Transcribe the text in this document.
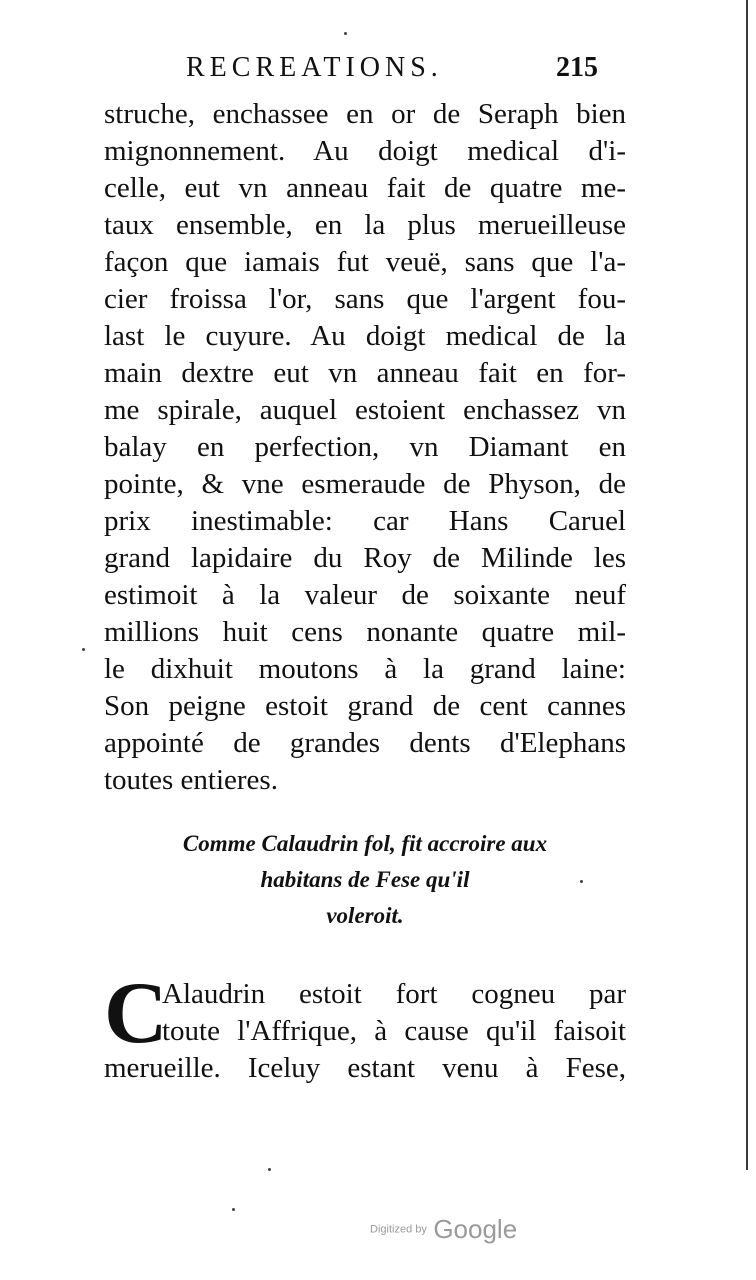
RECREATIONS.	215
struche, enchassee en or de Seraph bien
mignonnement. Au doigt medical d'i-
celle, eut vn anneau fait de quatre me-
taux ensemble, en la plus merueilleuse
façon que iamais fut veuë, sans que l'a-
cier froissa l'or, sans que l'argent fou-
last le cuyure. Au doigt medical de la
main dextre eut vn anneau fait en for-
me spirale, auquel estoient enchassez vn
balay en perfection, vn Diamant en
pointe, & vne esmeraude de Physon, de
prix inestimable: car Hans Caruel
grand lapidaire du Roy de Milinde les
estimoit à la valeur de soixante neuf
millions huit cens nonante quatre mil-
le dixhuit moutons à la grand laine:
Son peigne estoit grand de cent cannes
appointé de grandes dents d'Elephans
toutes entieres.
Comme Calaudrin fol, fit accroire aux
habitans de Fese qu'il
voleroit.
C
Alaudrin estoit fort cogneu par
toute l'Affrique, à cause qu'il faisoit
merueille. Iceluy estant venu à Fese,
Digitized by Google
